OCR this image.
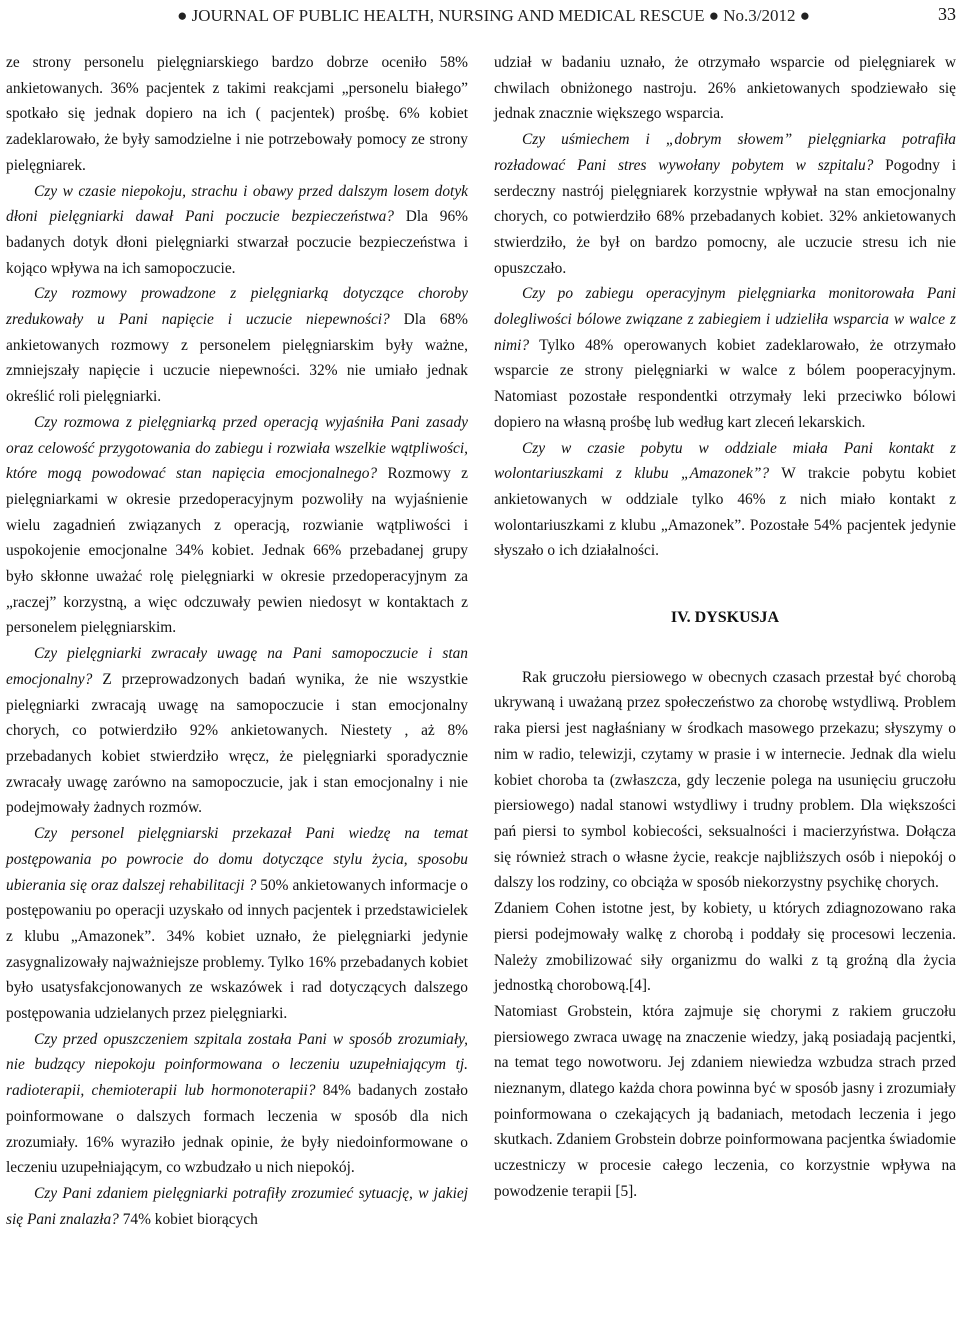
● JOURNAL OF PUBLIC HEALTH, NURSING AND MEDICAL RESCUE ● No.3/2012 ●	33

ze strony personelu pielęgniarskiego bardzo dobrze oceniło 58% ankietowanych. 36% pacjentek z takimi reakcjami „personelu białego” spotkało się jednak dopiero na ich ( pacjentek) prośbę. 6% kobiet zadeklarowało, że były samodzielne i nie potrzebowały pomocy ze strony pielęgniarek.

Czy w czasie niepokoju, strachu i obawy przed dalszym losem dotyk dłoni pielęgniarki dawał Pani poczucie bezpieczeństwa? Dla 96% badanych dotyk dłoni pielęgniarki stwarzał poczucie bezpieczeństwa i kojąco wpływa na ich samopoczucie.

Czy rozmowy prowadzone z pielęgniarką dotyczące choroby zredukowały u Pani napięcie i uczucie niepewności? Dla 68% ankietowanych rozmowy z personelem pielęgniarskim były ważne, zmniejszały napięcie i uczucie niepewności. 32% nie umiało jednak określić roli pielęgniarki.

Czy rozmowa z pielęgniarką przed operacją wyjaśniła Pani zasady oraz celowość przygotowania do zabiegu i rozwiała wszelkie wątpliwości, które mogą powodować stan napięcia emocjonalnego? Rozmowy z pielęgniarkami w okresie przedoperacyjnym pozwoliły na wyjaśnienie wielu zagadnień związanych z operacją, rozwianie wątpliwości i uspokojenie emocjonalne 34% kobiet. Jednak 66% przebadanej grupy było skłonne uważać rolę pielęgniarki w okresie przedoperacyjnym za „raczej” korzystną, a więc odczuwały pewien niedosyt w kontaktach z personelem pielęgniarskim.

Czy pielęgniarki zwracały uwagę na Pani samopoczucie i stan emocjonalny? Z przeprowadzonych badań wynika, że nie wszystkie pielęgniarki zwracają uwagę na samopoczucie i stan emocjonalny chorych, co potwierdziło 92% ankietowanych. Niestety , aż 8% przebadanych kobiet stwierdziło wręcz, że pielęgniarki sporadycznie zwracały uwagę zarówno na samopoczucie, jak i stan emocjonalny i nie podejmowały żadnych rozmów.

Czy personel pielęgniarski przekazał Pani wiedzę na temat postępowania po powrocie do domu dotyczące stylu życia, sposobu ubierania się oraz dalszej rehabilitacji ? 50% ankietowanych informacje o postępowaniu po operacji uzyskało od innych pacjentek i przedstawicielek z klubu „Amazonek”. 34% kobiet uznało, że pielęgniarki jedynie zasygnalizowały najważniejsze problemy. Tylko 16% przebadanych kobiet było usatysfakcjonowanych ze wskazówek i rad dotyczących dalszego postępowania udzielanych przez pielęgniarki.

Czy przed opuszczeniem szpitala została Pani w sposób zrozumiały, nie budzący niepokoju poinformowana o leczeniu uzupełniającym tj. radioterapii, chemioterapii lub hormonoterapii? 84% badanych zostało poinformowane o dalszych formach leczenia w sposób dla nich zrozumiały. 16% wyraziło jednak opinie, że były niedoinformowane o leczeniu uzupełniającym, co wzbudzało u nich niepokój.

Czy Pani zdaniem pielęgniarki potrafiły zrozumieć sytuację, w jakiej się Pani znalazła? 74% kobiet biorących

udział w badaniu uznało, że otrzymało wsparcie od pielęgniarek w chwilach obniżonego nastroju. 26% ankietowanych spodziewało się jednak znacznie większego wsparcia.

Czy uśmiechem i „dobrym słowem” pielęgniarka potrafiła rozładować Pani stres wywołany pobytem w szpitalu? Pogodny i serdeczny nastrój pielęgniarek korzystnie wpływał na stan emocjonalny chorych, co potwierdziło 68% przebadanych kobiet. 32% ankietowanych stwierdziło, że był on bardzo pomocny, ale uczucie stresu ich nie opuszczało.

Czy po zabiegu operacyjnym pielęgniarka monitorowała Pani dolegliwości bólowe związane z zabiegiem i udzieliła wsparcia w walce z nimi? Tylko 48% operowanych kobiet zadeklarowało, że otrzymało wsparcie ze strony pielęgniarki w walce z bólem pooperacyjnym. Natomiast pozostałe respondentki otrzymały leki przeciwko bólowi dopiero na własną prośbę lub według kart zleceń lekarskich.

Czy w czasie pobytu w oddziale miała Pani kontakt z wolontariuszkami z klubu „Amazonek”? W trakcie pobytu kobiet ankietowanych w oddziale tylko 46% z nich miało kontakt z wolontariuszkami z klubu „Amazonek”. Pozostałe 54% pacjentek jedynie słyszało o ich działalności.

IV. DYSKUSJA

Rak gruczołu piersiowego w obecnych czasach przestał być chorobą ukrywaną i uważaną przez społeczeństwo za chorobę wstydliwą. Problem raka piersi jest nagłaśniany w środkach masowego przekazu; słyszymy o nim w radio, telewizji, czytamy w prasie i w internecie. Jednak dla wielu kobiet choroba ta (zwłaszcza, gdy leczenie polega na usunięciu gruczołu piersiowego) nadal stanowi wstydliwy i trudny problem. Dla większości pań piersi to symbol kobiecości, seksualności i macierzyństwa. Dołącza się również strach o własne życie, reakcje najbliższych osób i niepokój o dalszy los rodziny, co obciąża w sposób niekorzystny psychikę chorych.

Zdaniem Cohen istotne jest, by kobiety, u których zdiagnozowano raka piersi podejmowały walkę z chorobą i poddały się procesowi leczenia. Należy zmobilizować siły organizmu do walki z tą groźną dla życia jednostką chorobową.[4].

Natomiast Grobstein, która zajmuje się chorymi z rakiem gruczołu piersiowego zwraca uwagę na znaczenie wiedzy, jaką posiadają pacjentki, na temat tego nowotworu. Jej zdaniem niewiedza wzbudza strach przed nieznanym, dlatego każda chora powinna być w sposób jasny i zrozumiały poinformowana o czekających ją badaniach, metodach leczenia i jego skutkach. Zdaniem Grobstein dobrze poinformowana pacjentka świadomie uczestniczy w procesie całego leczenia, co korzystnie wpływa na powodzenie terapii [5].
